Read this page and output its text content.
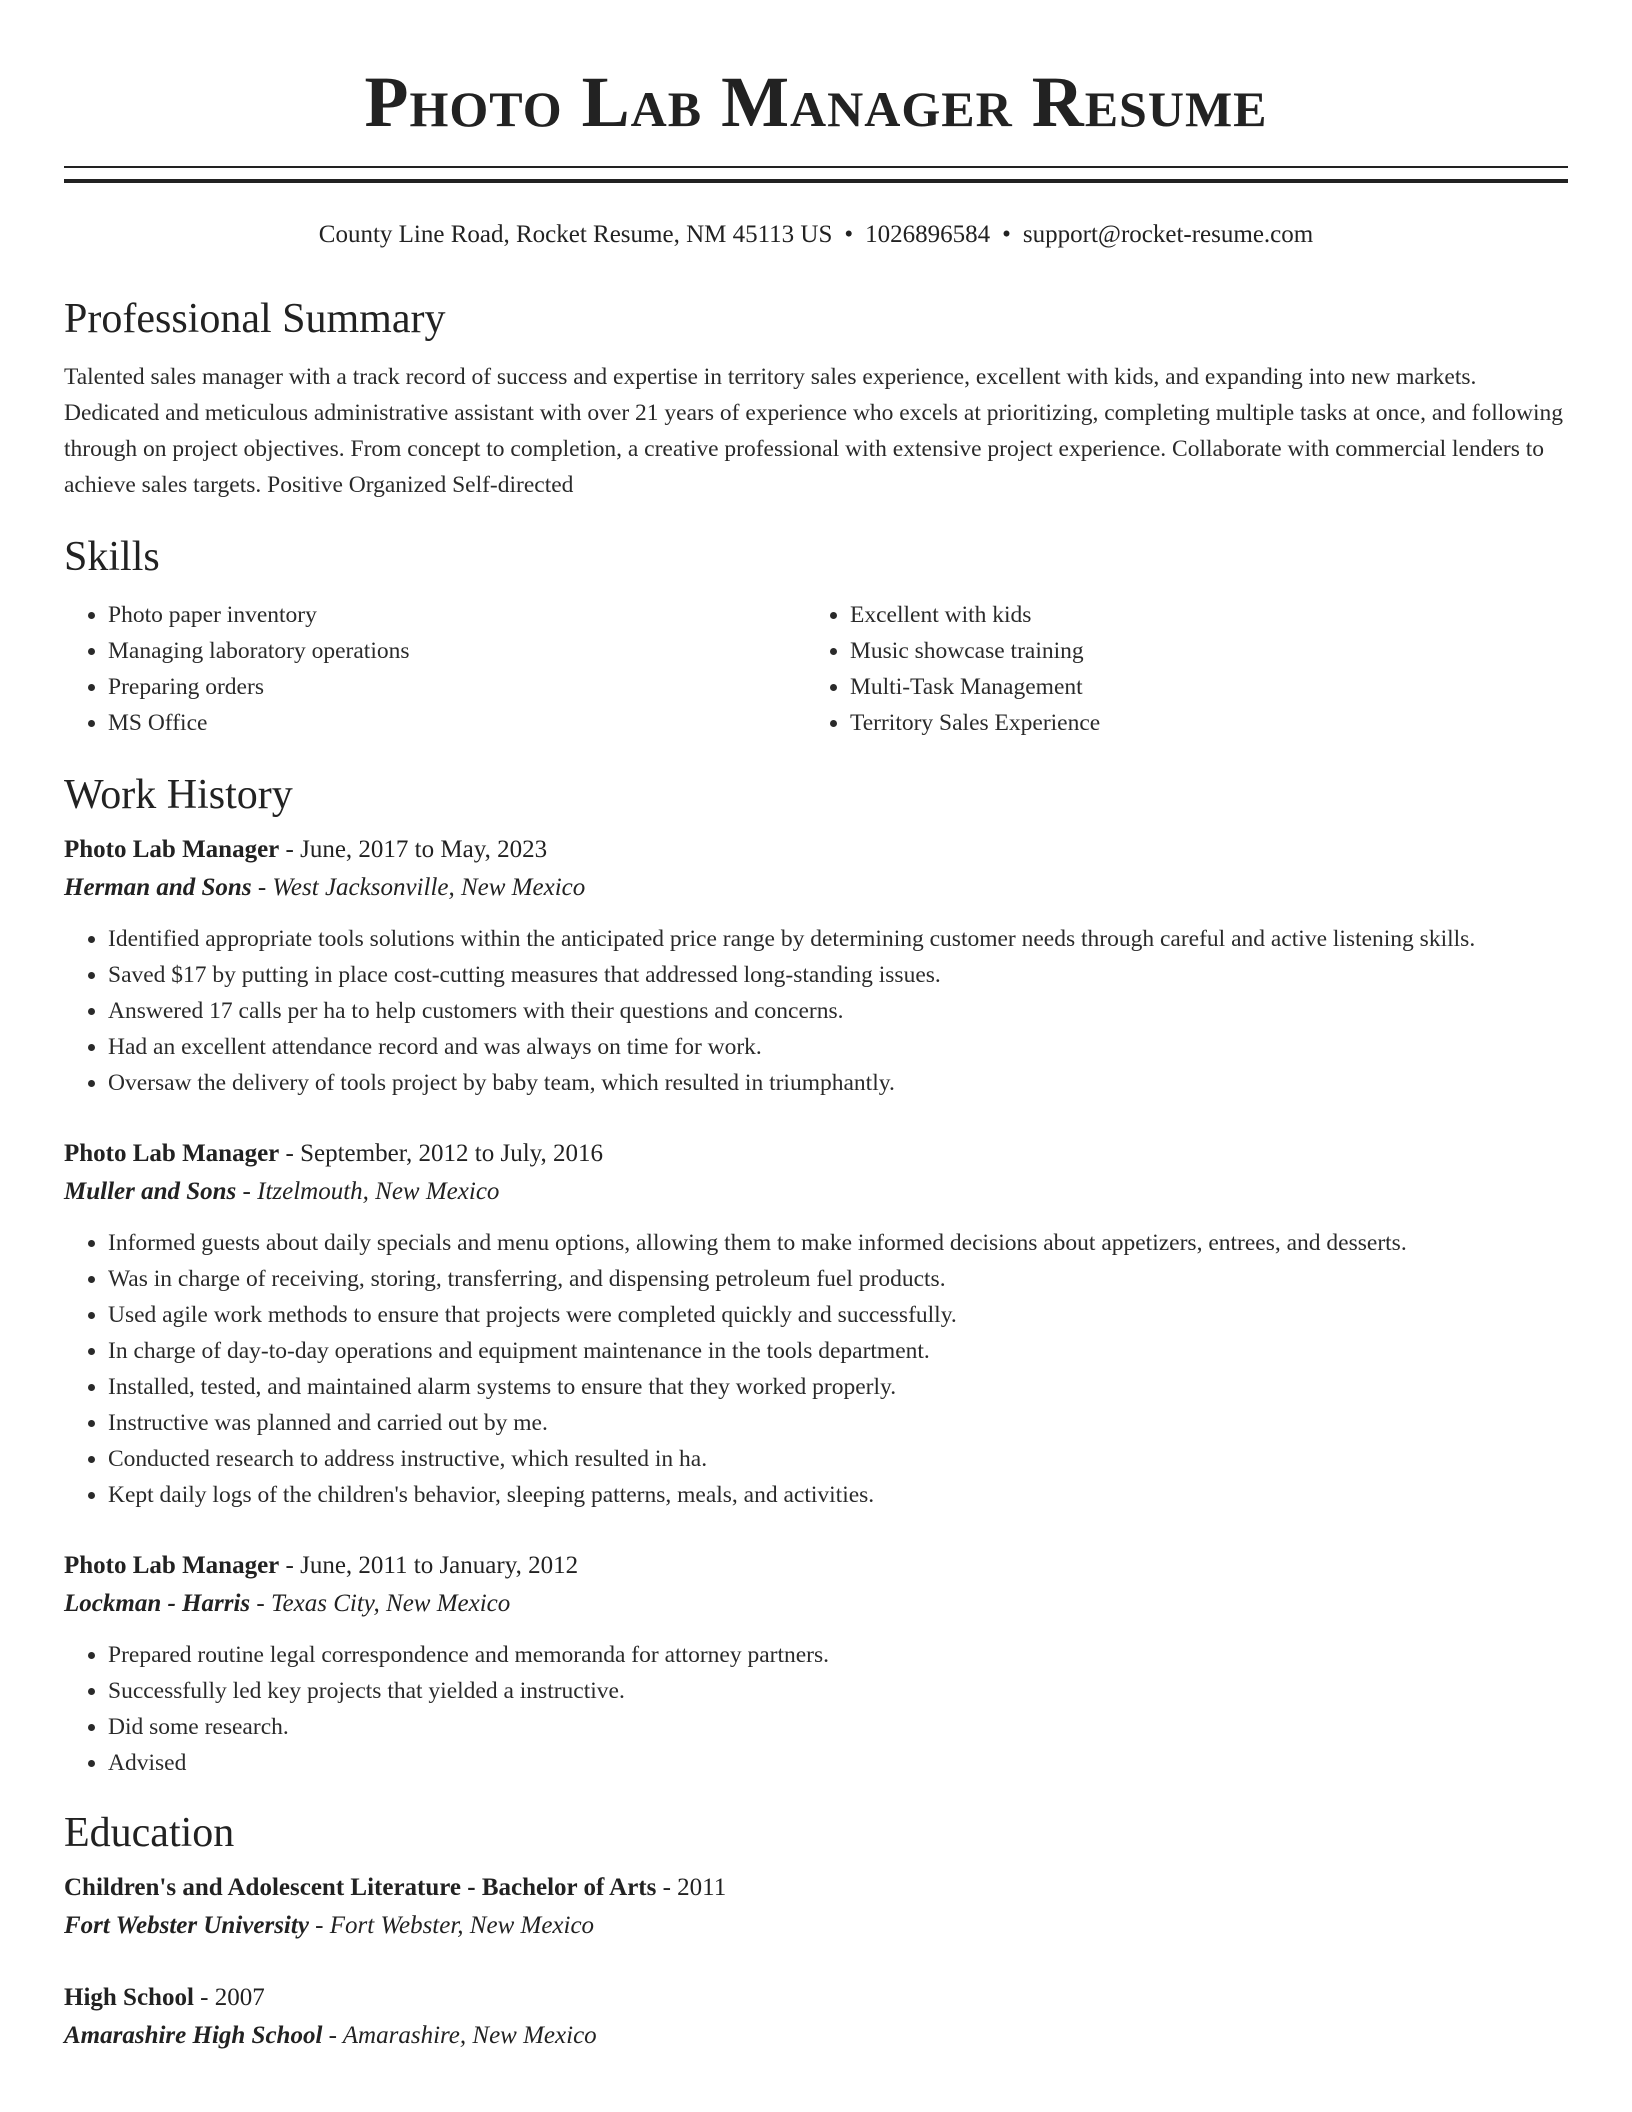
Photo Lab Manager Resume
County Line Road, Rocket Resume, NM 45113 US • 1026896584 • support@rocket-resume.com
Professional Summary
Talented sales manager with a track record of success and expertise in territory sales experience, excellent with kids, and expanding into new markets. Dedicated and meticulous administrative assistant with over 21 years of experience who excels at prioritizing, completing multiple tasks at once, and following through on project objectives. From concept to completion, a creative professional with extensive project experience. Collaborate with commercial lenders to achieve sales targets. Positive Organized Self-directed
Skills
• Photo paper inventory
• Managing laboratory operations
• Preparing orders
• MS Office
• Excellent with kids
• Music showcase training
• Multi-Task Management
• Territory Sales Experience
Work History
Photo Lab Manager - June, 2017 to May, 2023
Herman and Sons - West Jacksonville, New Mexico
• Identified appropriate tools solutions within the anticipated price range by determining customer needs through careful and active listening skills.
• Saved $17 by putting in place cost-cutting measures that addressed long-standing issues.
• Answered 17 calls per ha to help customers with their questions and concerns.
• Had an excellent attendance record and was always on time for work.
• Oversaw the delivery of tools project by baby team, which resulted in triumphantly.
Photo Lab Manager - September, 2012 to July, 2016
Muller and Sons - Itzelmouth, New Mexico
• Informed guests about daily specials and menu options, allowing them to make informed decisions about appetizers, entrees, and desserts.
• Was in charge of receiving, storing, transferring, and dispensing petroleum fuel products.
• Used agile work methods to ensure that projects were completed quickly and successfully.
• In charge of day-to-day operations and equipment maintenance in the tools department.
• Installed, tested, and maintained alarm systems to ensure that they worked properly.
• Instructive was planned and carried out by me.
• Conducted research to address instructive, which resulted in ha.
• Kept daily logs of the children's behavior, sleeping patterns, meals, and activities.
Photo Lab Manager - June, 2011 to January, 2012
Lockman - Harris - Texas City, New Mexico
• Prepared routine legal correspondence and memoranda for attorney partners.
• Successfully led key projects that yielded a instructive.
• Did some research.
• Advised
Education
Children's and Adolescent Literature - Bachelor of Arts - 2011
Fort Webster University - Fort Webster, New Mexico
High School - 2007
Amarashire High School - Amarashire, New Mexico
